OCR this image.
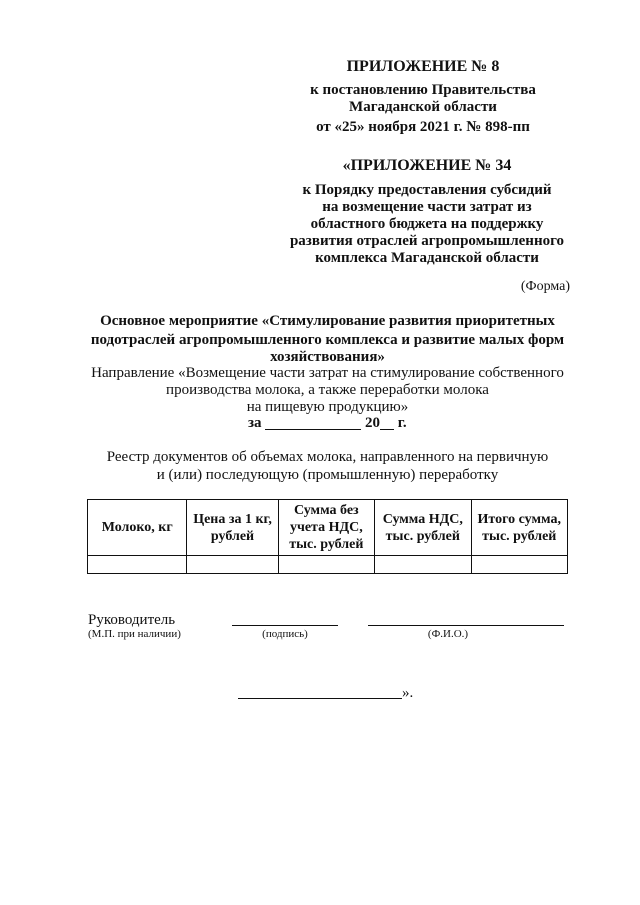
ПРИЛОЖЕНИЕ № 8
к постановлению Правительства
Магаданской области
от «25» ноября 2021 г. № 898-пп
«ПРИЛОЖЕНИЕ № 34
к Порядку предоставления субсидий
на возмещение части затрат из
областного бюджета на поддержку
развития отраслей агропромышленного
комплекса Магаданской области
(Форма)
Основное мероприятие «Стимулирование развития приоритетных
подотраслей агропромышленного комплекса и развитие малых форм
хозяйствования»
Направление «Возмещение части затрат на стимулирование собственного
производства молока, а также переработки молока
на пищевую продукцию»
за	20 г.
Реестр документов об объемах молока, направленного на первичную
и (или) последующую (промышленную) переработку
Молоко, кг	Цена за 1 кг, рублей	Сумма без учета НДС, тыс. рублей	Сумма НДС, тыс. рублей	Итого сумма, тыс. рублей

Руководитель
(М.П. при наличии)	(подпись)	(Ф.И.О.)
».
